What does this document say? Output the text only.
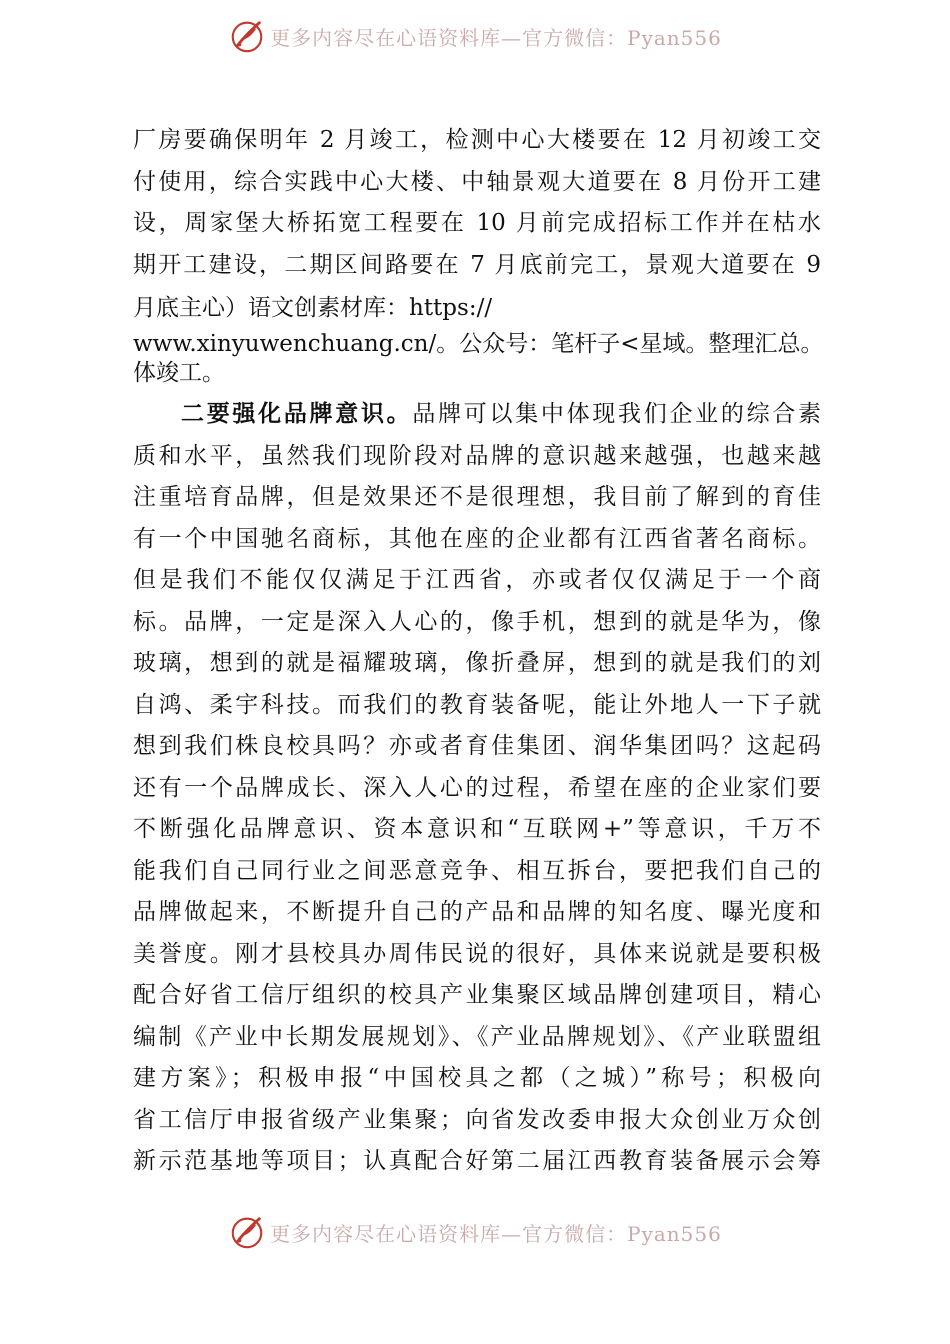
更多内容尽在心语资料库—官方微信：Pyan556
厂房要确保明年 2 月竣工，检测中心大楼要在 12 月初竣工交
付使用，综合实践中心大楼、中轴景观大道要在 8 月份开工建
设，周家堡大桥拓宽工程要在 10 月前完成招标工作并在枯水
期开工建设，二期区间路要在 7 月底前完工，景观大道要在 9
月底主心）语文创素材库：https://
www.xinyuwenchuang.cn/。公众号：笔杆子<星域。整理汇总。
体竣工。
二要强化品牌意识。品牌可以集中体现我们企业的综合素
质和水平，虽然我们现阶段对品牌的意识越来越强，也越来越
注重培育品牌，但是效果还不是很理想，我目前了解到的育佳
有一个中国驰名商标，其他在座的企业都有江西省著名商标。
但是我们不能仅仅满足于江西省，亦或者仅仅满足于一个商
标。品牌，一定是深入人心的，像手机，想到的就是华为，像
玻璃，想到的就是福耀玻璃，像折叠屏，想到的就是我们的刘
自鸿、柔宇科技。而我们的教育装备呢，能让外地人一下子就
想到我们株良校具吗？亦或者育佳集团、润华集团吗？这起码
还有一个品牌成长、深入人心的过程，希望在座的企业家们要
不断强化品牌意识、资本意识和“互联网+”等意识，千万不
能我们自己同行业之间恶意竞争、相互拆台，要把我们自己的
品牌做起来，不断提升自己的产品和品牌的知名度、曝光度和
美誉度。刚才县校具办周伟民说的很好，具体来说就是要积极
配合好省工信厅组织的校具产业集聚区域品牌创建项目，精心
编制《产业中长期发展规划》、《产业品牌规划》、《产业联盟组
建方案》；积极申报“中国校具之都（之城）”称号；积极向
省工信厅申报省级产业集聚；向省发改委申报大众创业万众创
新示范基地等项目；认真配合好第二届江西教育装备展示会筹
更多内容尽在心语资料库—官方微信：Pyan556
